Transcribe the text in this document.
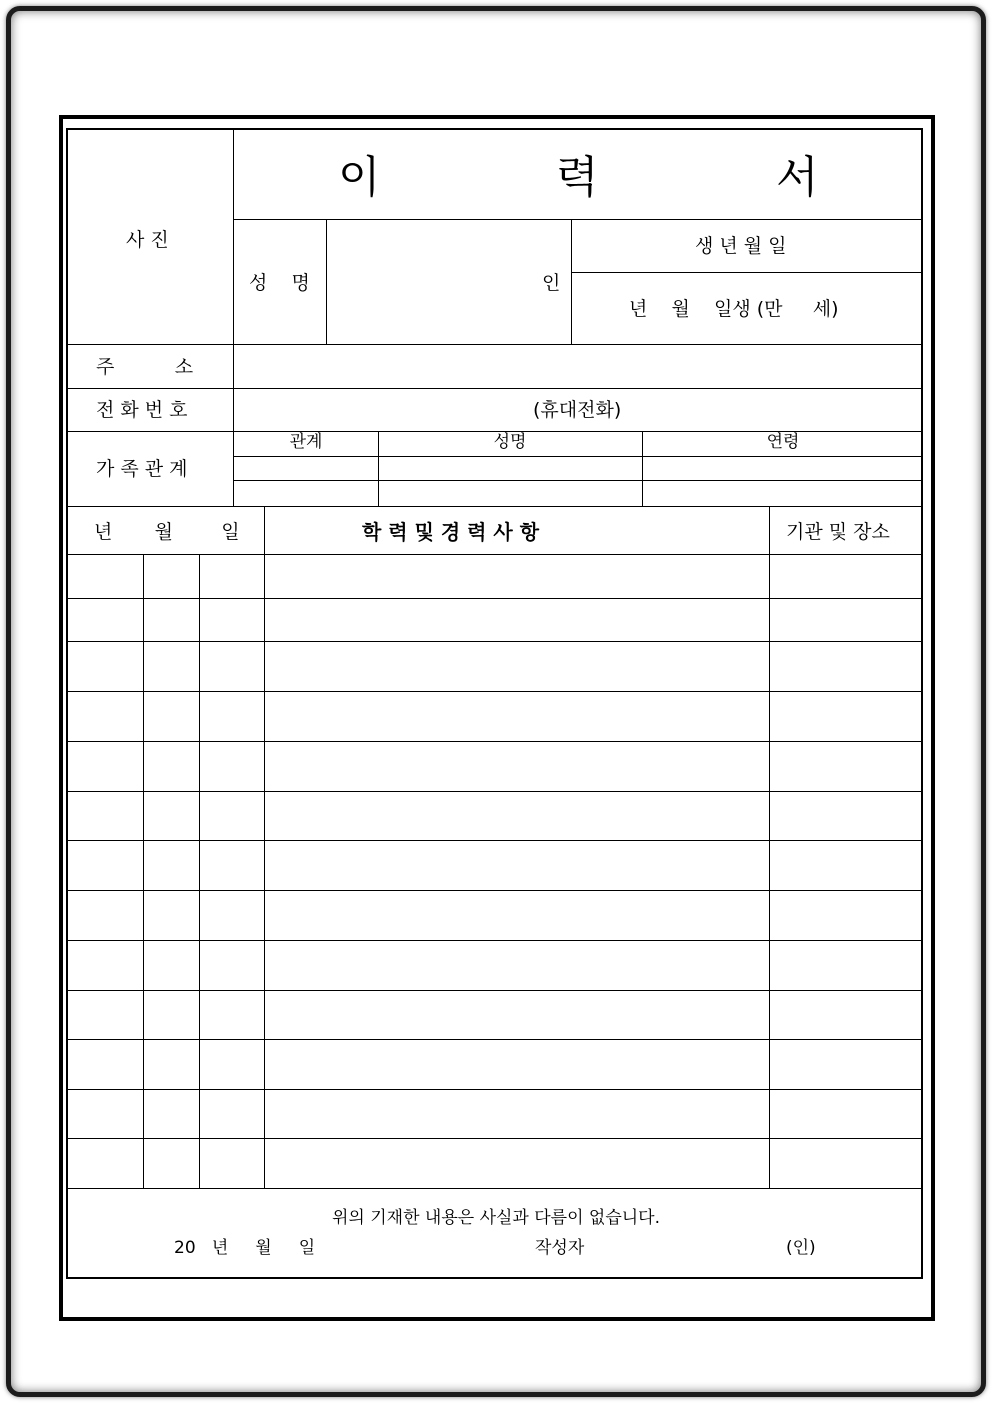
사 진
이	력	서
성    명	인
생 년 월 일
년    월    일생 (만     세)
주          소
전 화 번 호	(휴대전화)
가 족 관 계
관계	성명	연령
년       월        일	학 력 및 경 력 사 항	기관 및 장소
위의 기재한 내용은 사실과 다름이 없습니다.
20   년     월     일	작성자	(인)
